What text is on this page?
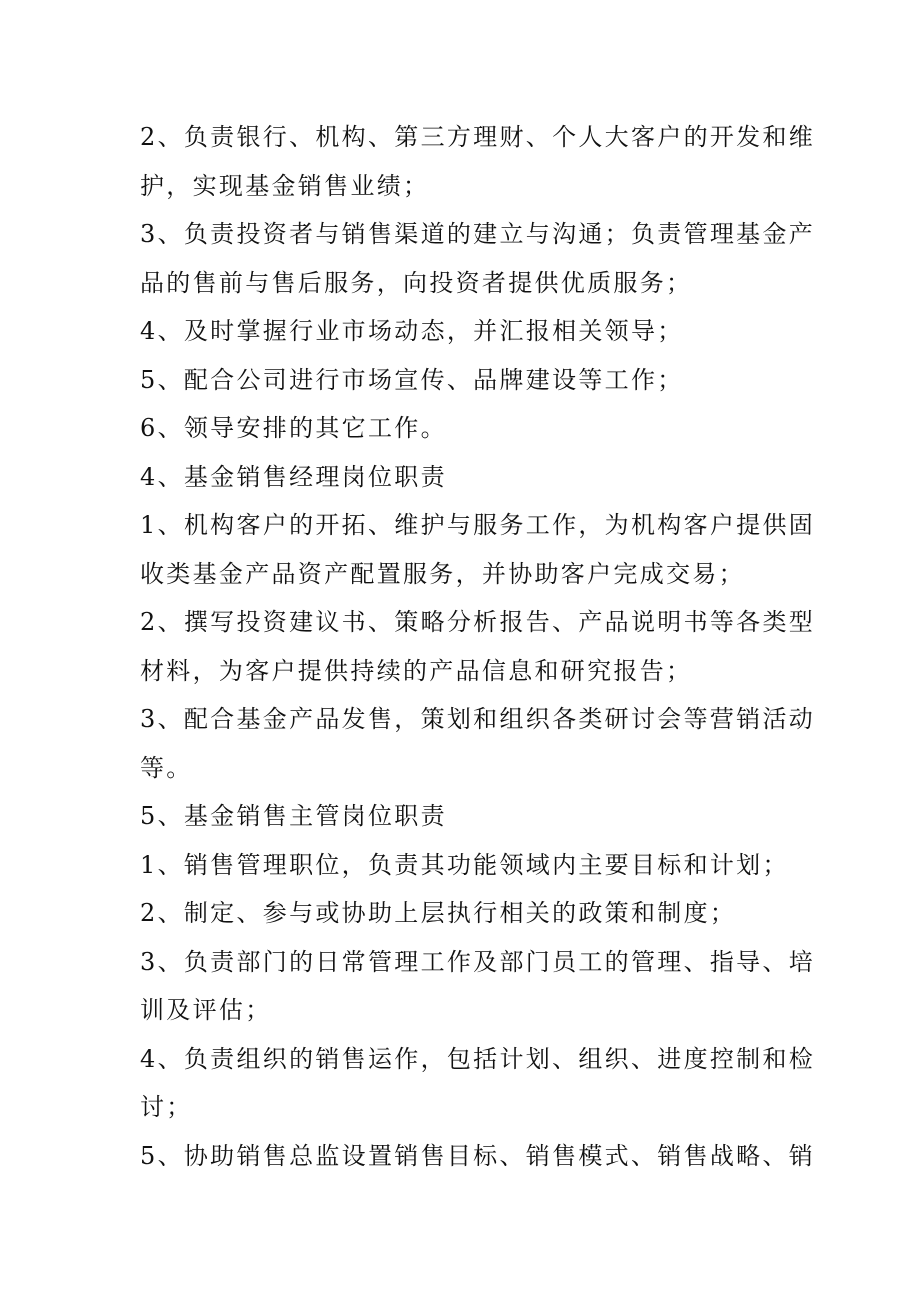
2、负责银行、机构、第三方理财、个人大客户的开发和维
护，实现基金销售业绩；
3、负责投资者与销售渠道的建立与沟通；负责管理基金产
品的售前与售后服务，向投资者提供优质服务；
4、及时掌握行业市场动态，并汇报相关领导；
5、配合公司进行市场宣传、品牌建设等工作；
6、领导安排的其它工作。
4、基金销售经理岗位职责
1、机构客户的开拓、维护与服务工作，为机构客户提供固
收类基金产品资产配置服务，并协助客户完成交易；
2、撰写投资建议书、策略分析报告、产品说明书等各类型
材料，为客户提供持续的产品信息和研究报告；
3、配合基金产品发售，策划和组织各类研讨会等营销活动
等。
5、基金销售主管岗位职责
1、销售管理职位，负责其功能领域内主要目标和计划；
2、制定、参与或协助上层执行相关的政策和制度；
3、负责部门的日常管理工作及部门员工的管理、指导、培
训及评估；
4、负责组织的销售运作，包括计划、组织、进度控制和检
讨；
5、协助销售总监设置销售目标、销售模式、销售战略、销
